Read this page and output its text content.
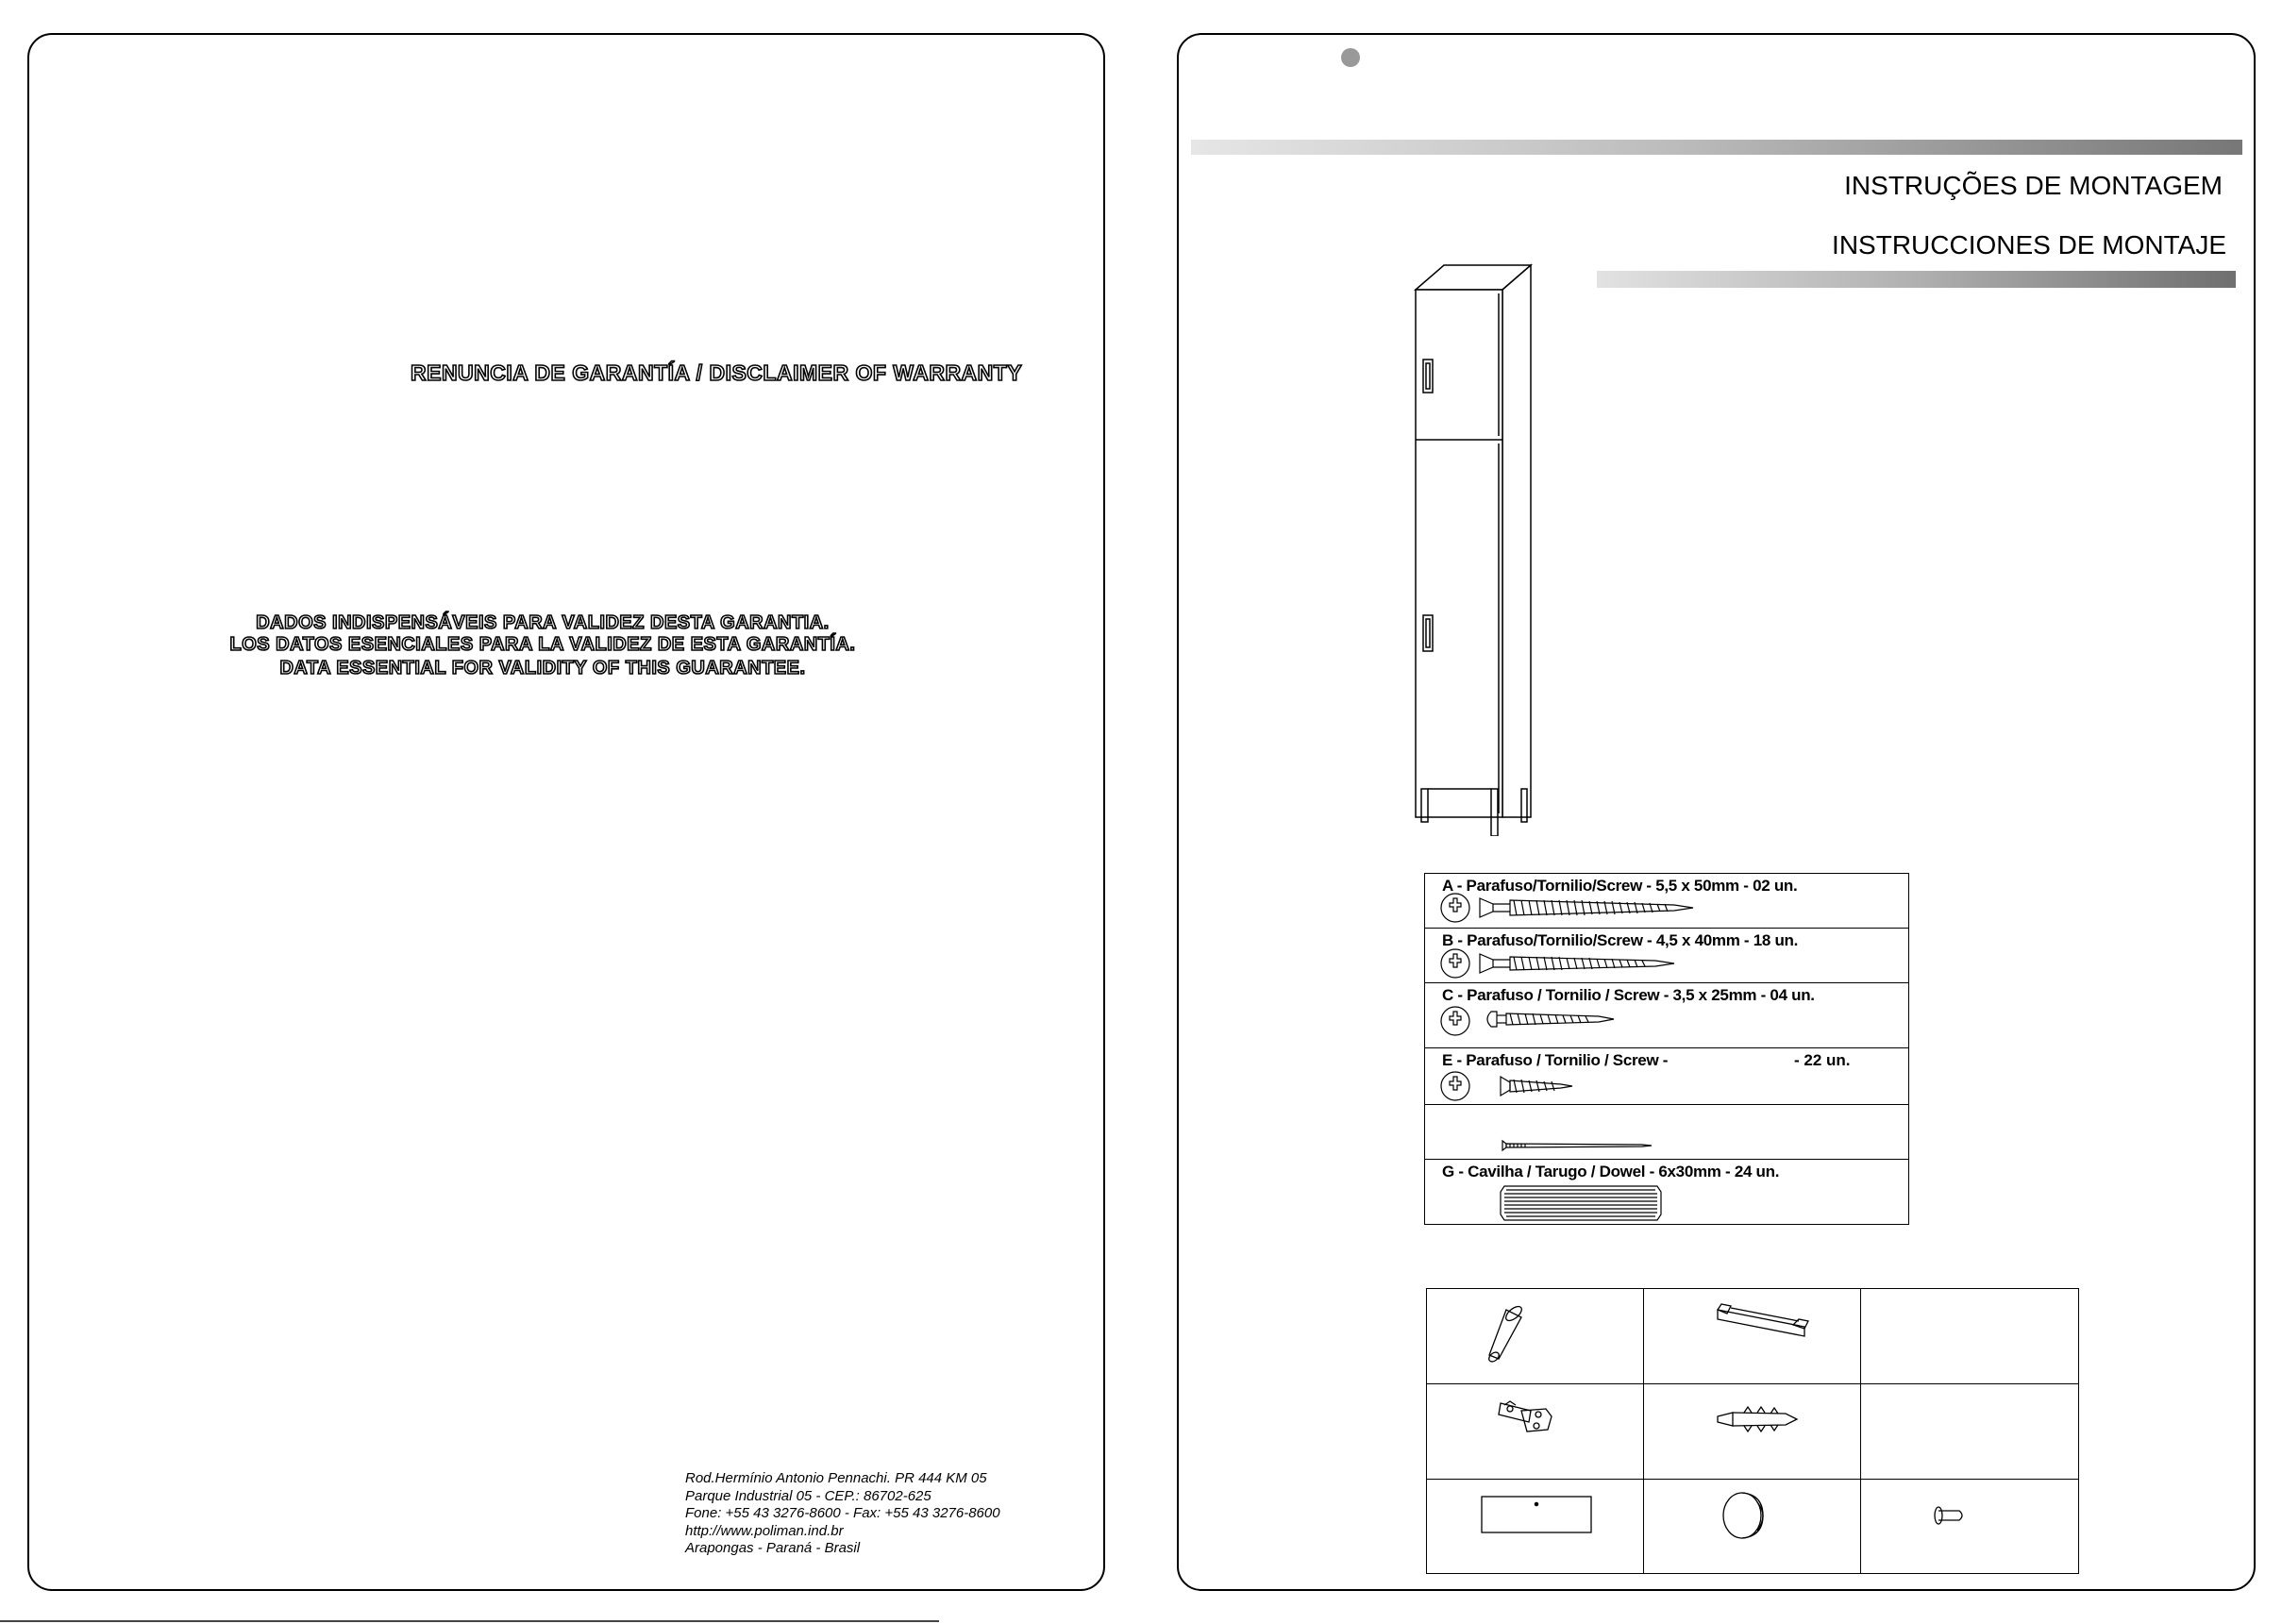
RENUNCIA DE GARANTÍA / DISCLAIMER OF WARRANTY
DADOS INDISPENSÁVEIS PARA VALIDEZ DESTA GARANTIA.
LOS DATOS ESENCIALES PARA LA VALIDEZ DE ESTA GARANTÍA.
DATA ESSENTIAL FOR VALIDITY OF THIS GUARANTEE.
Rod.Hermínio Antonio Pennachi. PR 444 KM 05
Parque Industrial 05 - CEP.: 86702-625
Fone: +55 43 3276-8600 - Fax: +55 43 3276-8600
http://www.poliman.ind.br
Arapongas - Paraná - Brasil
INSTRUÇÕES DE MONTAGEM
INSTRUCCIONES DE MONTAJE
A - Parafuso/Tornilio/Screw - 5,5 x 50mm - 02 un.
B - Parafuso/Tornilio/Screw - 4,5 x 40mm - 18 un.
C - Parafuso / Tornilio / Screw - 3,5 x 25mm - 04 un.
E - Parafuso / Tornilio / Screw -	- 22 un.
G - Cavilha / Tarugo / Dowel - 6x30mm - 24 un.
